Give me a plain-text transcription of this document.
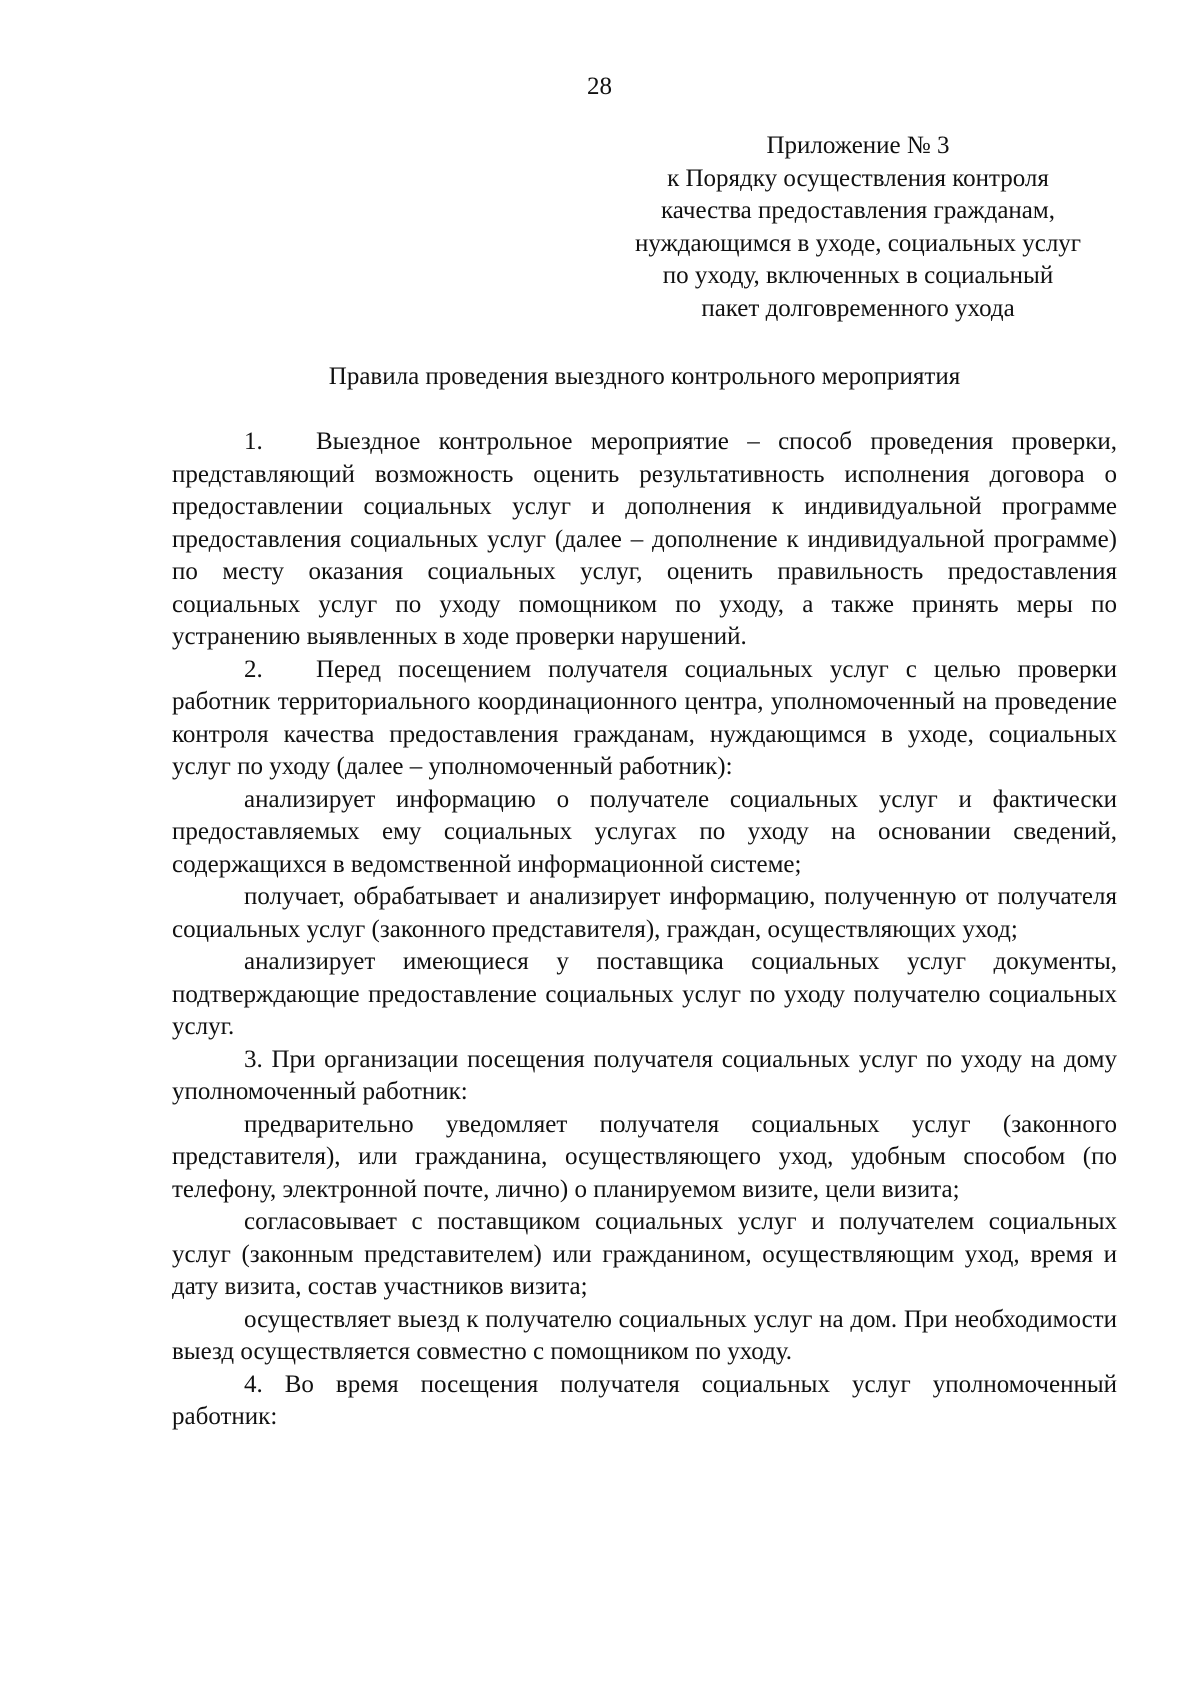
28
Приложение № 3
к Порядку осуществления контроля
качества предоставления гражданам,
нуждающимся в уходе, социальных услуг
по уходу, включенных в социальный
пакет долговременного ухода
Правила проведения выездного контрольного мероприятия

1. Выездное контрольное мероприятие – способ проведения проверки, представляющий возможность оценить результативность исполнения договора о предоставлении социальных услуг и дополнения к индивидуальной программе предоставления социальных услуг (далее – дополнение к индивидуальной программе) по месту оказания социальных услуг, оценить правильность предоставления социальных услуг по уходу помощником по уходу, а также принять меры по устранению выявленных в ходе проверки нарушений.

2. Перед посещением получателя социальных услуг с целью проверки работник территориального координационного центра, уполномоченный на проведение контроля качества предоставления гражданам, нуждающимся в уходе, социальных услуг по уходу (далее – уполномоченный работник):

анализирует информацию о получателе социальных услуг и фактически предоставляемых ему социальных услугах по уходу на основании сведений, содержащихся в ведомственной информационной системе;

получает, обрабатывает и анализирует информацию, полученную от получателя социальных услуг (законного представителя), граждан, осуществляющих уход;

анализирует имеющиеся у поставщика социальных услуг документы, подтверждающие предоставление социальных услуг по уходу получателю социальных услуг.

3. При организации посещения получателя социальных услуг по уходу на дому уполномоченный работник:

предварительно уведомляет получателя социальных услуг (законного представителя), или гражданина, осуществляющего уход, удобным способом (по телефону, электронной почте, лично) о планируемом визите, цели визита;

согласовывает с поставщиком социальных услуг и получателем социальных услуг (законным представителем) или гражданином, осуществляющим уход, время и дату визита, состав участников визита;

осуществляет выезд к получателю социальных услуг на дом. При необходимости выезд осуществляется совместно с помощником по уходу.

4. Во время посещения получателя социальных услуг уполномоченный работник:
